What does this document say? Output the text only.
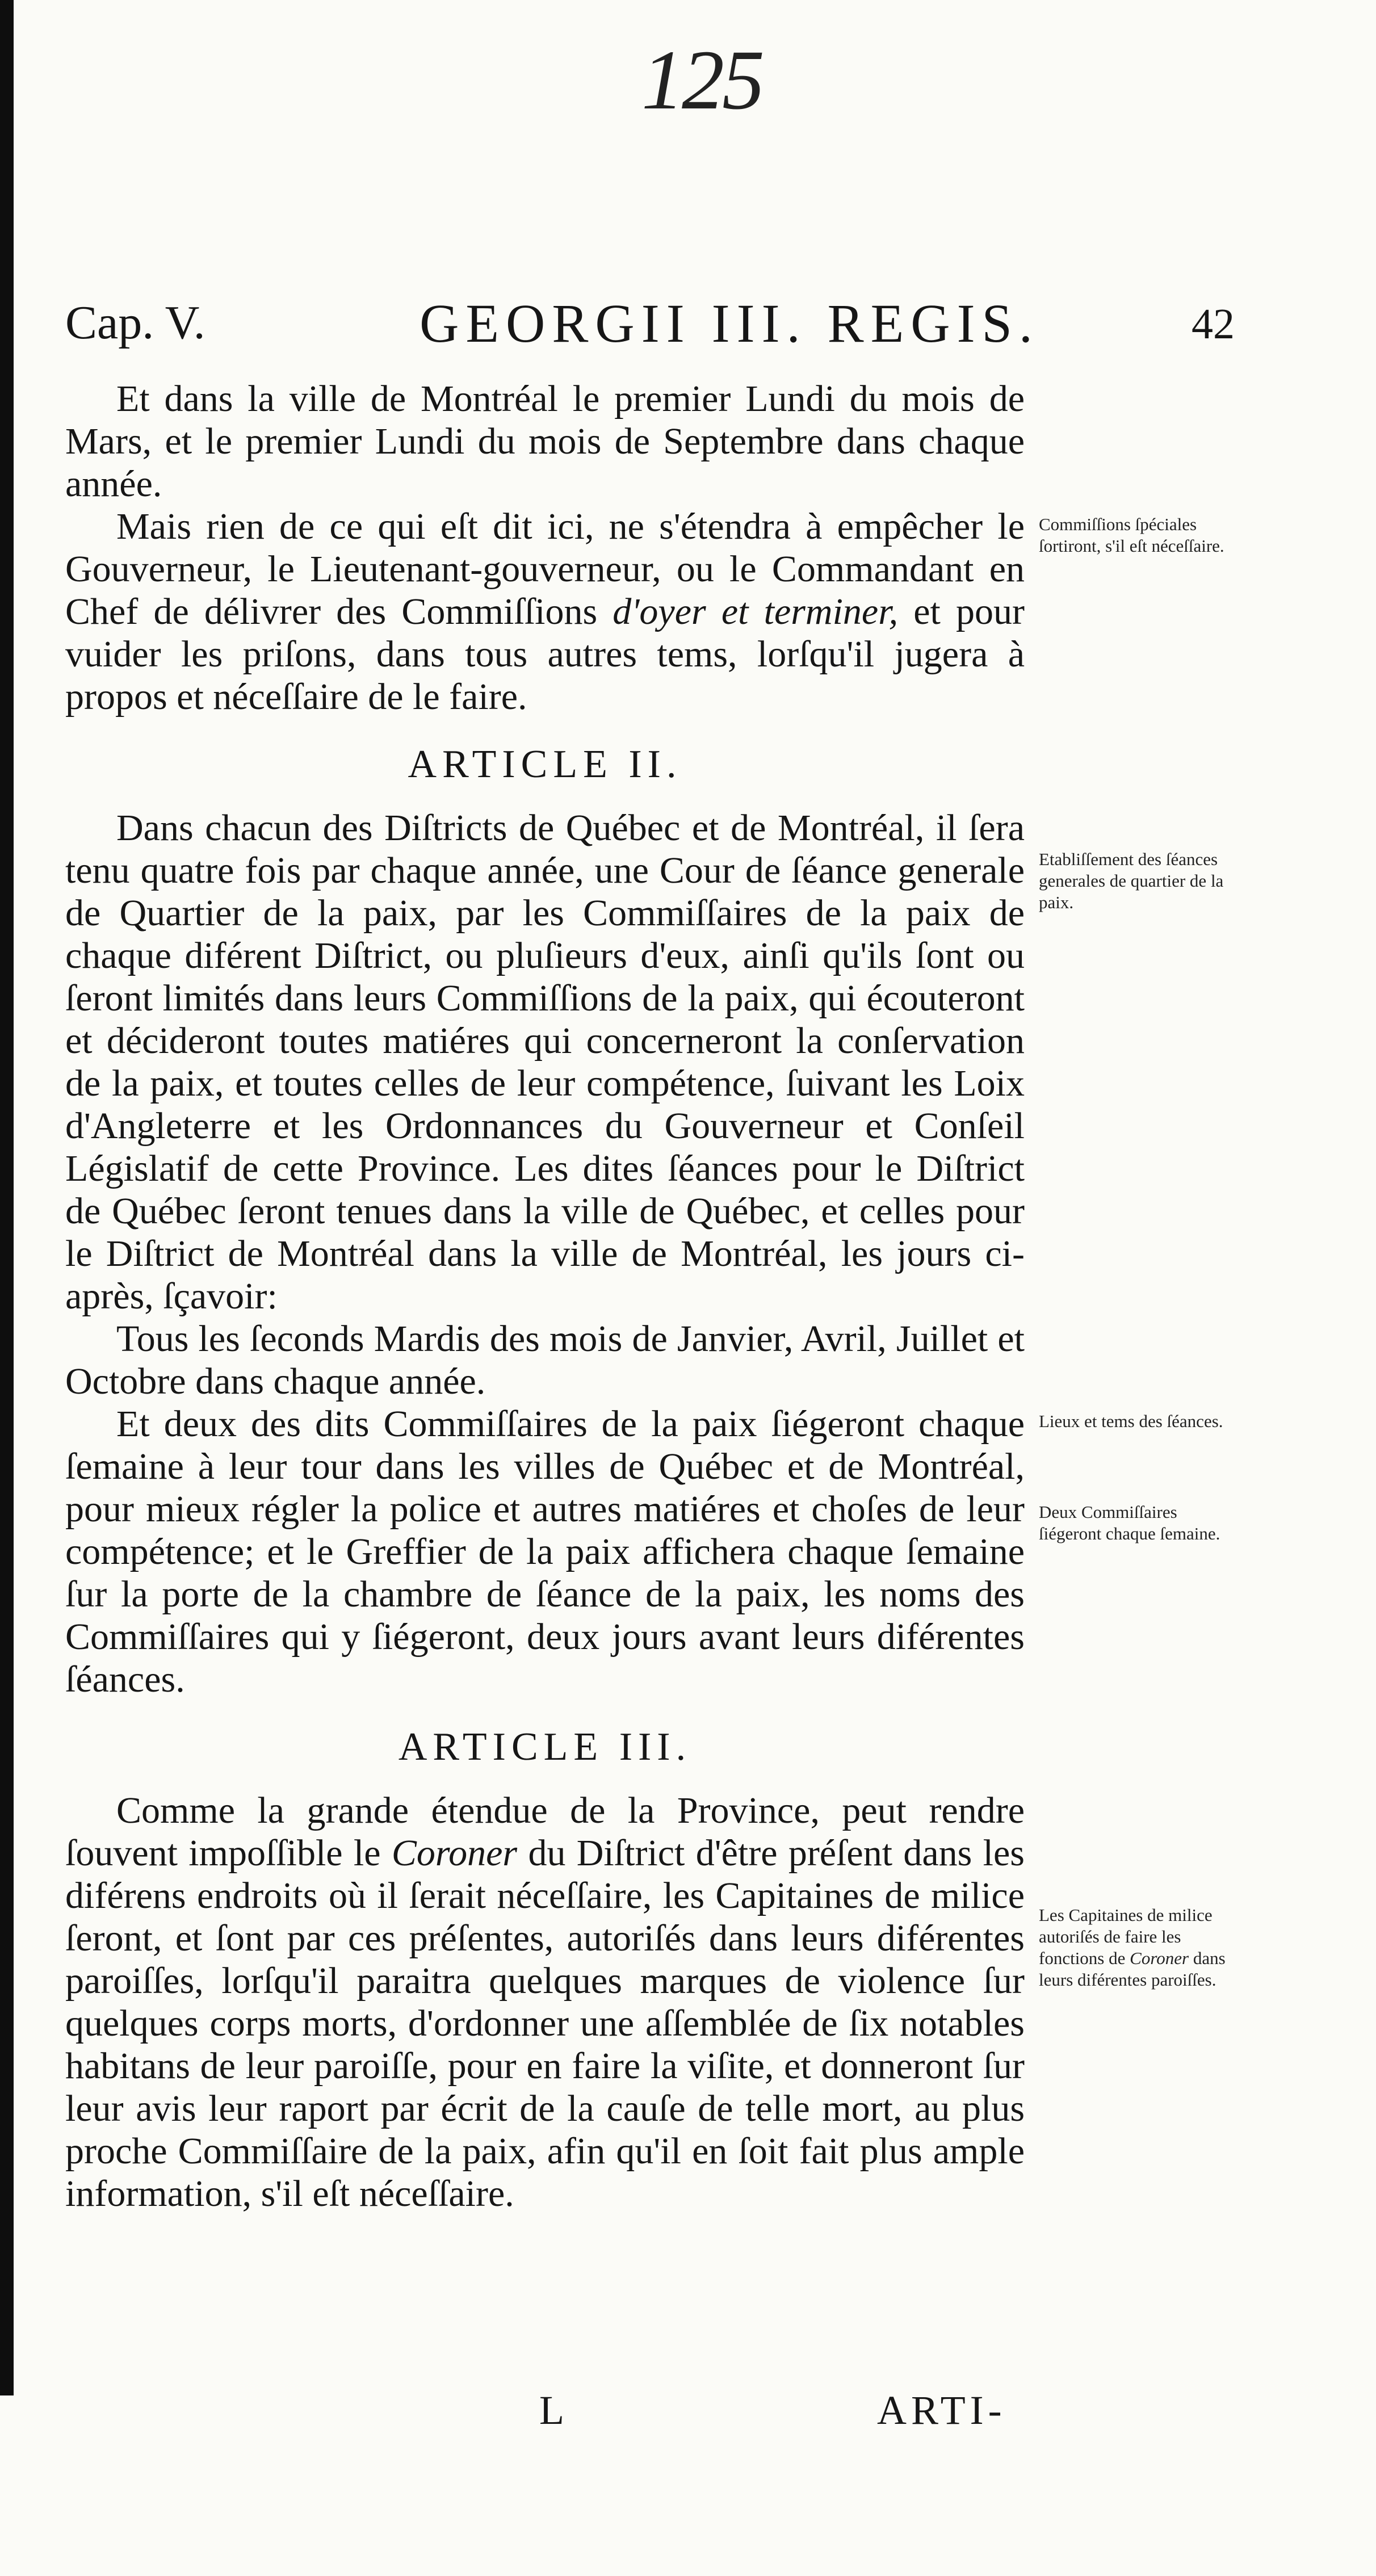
125
Cap. V.	GEORGII III. REGIS.	42

Et dans la ville de Montréal le premier Lundi du mois de Mars, et le premier Lundi du mois de Septembre dans chaque année.

Mais rien de ce qui eſt dit ici, ne s'étendra à empêcher le Gouverneur, le Lieutenant-gouverneur, ou le Commandant en Chef de délivrer des Commiſſions d'oyer et terminer, et pour vuider les priſons, dans tous autres tems, lorſqu'il jugera à propos et néceſſaire de le faire.

ARTICLE II.

Dans chacun des Diſtricts de Québec et de Montréal, il ſera tenu quatre fois par chaque année, une Cour de ſéance generale de Quartier de la paix, par les Commiſſaires de la paix de chaque diférent Diſtrict, ou pluſieurs d'eux, ainſi qu'ils ſont ou ſeront limités dans leurs Commiſſions de la paix, qui écouteront et décideront toutes matiéres qui concerneront la conſervation de la paix, et toutes celles de leur compétence, ſuivant les Loix d'Angleterre et les Ordonnances du Gouverneur et Conſeil Législatif de cette Province. Les dites ſéances pour le Diſtrict de Québec ſeront tenues dans la ville de Québec, et celles pour le Diſtrict de Montréal dans la ville de Montréal, les jours ci-après, ſçavoir:

Tous les ſeconds Mardis des mois de Janvier, Avril, Juillet et Octobre dans chaque année.

Et deux des dits Commiſſaires de la paix ſiégeront chaque ſemaine à leur tour dans les villes de Québec et de Montréal, pour mieux régler la police et autres matiéres et choſes de leur compétence; et le Greffier de la paix affichera chaque ſemaine ſur la porte de la chambre de ſéance de la paix, les noms des Commiſſaires qui y ſiégeront, deux jours avant leurs diférentes ſéances.

ARTICLE III.

Comme la grande étendue de la Province, peut rendre ſouvent impoſſible le Coroner du Diſtrict d'être préſent dans les diférens endroits où il ſerait néceſſaire, les Capitaines de milice ſeront, et ſont par ces préſentes, autoriſés dans leurs diférentes paroiſſes, lorſqu'il paraitra quelques marques de violence ſur quelques corps morts, d'ordonner une aſſemblée de ſix notables habitans de leur paroiſſe, pour en faire la viſite, et donneront ſur leur avis leur raport par écrit de la cauſe de telle mort, au plus proche Commiſſaire de la paix, afin qu'il en ſoit fait plus ample information, s'il eſt néceſſaire.

Commiſſions ſpéciales ſortiront, s'il eſt néceſſaire.
Etabliſſement des ſéances generales de quartier de la paix.
Lieux et tems des ſéances.
Deux Commiſſaires ſiégeront chaque ſemaine.
Les Capitaines de milice autoriſés de faire les fonctions de Coroner dans leurs diférentes paroiſſes.
L	ARTI-
